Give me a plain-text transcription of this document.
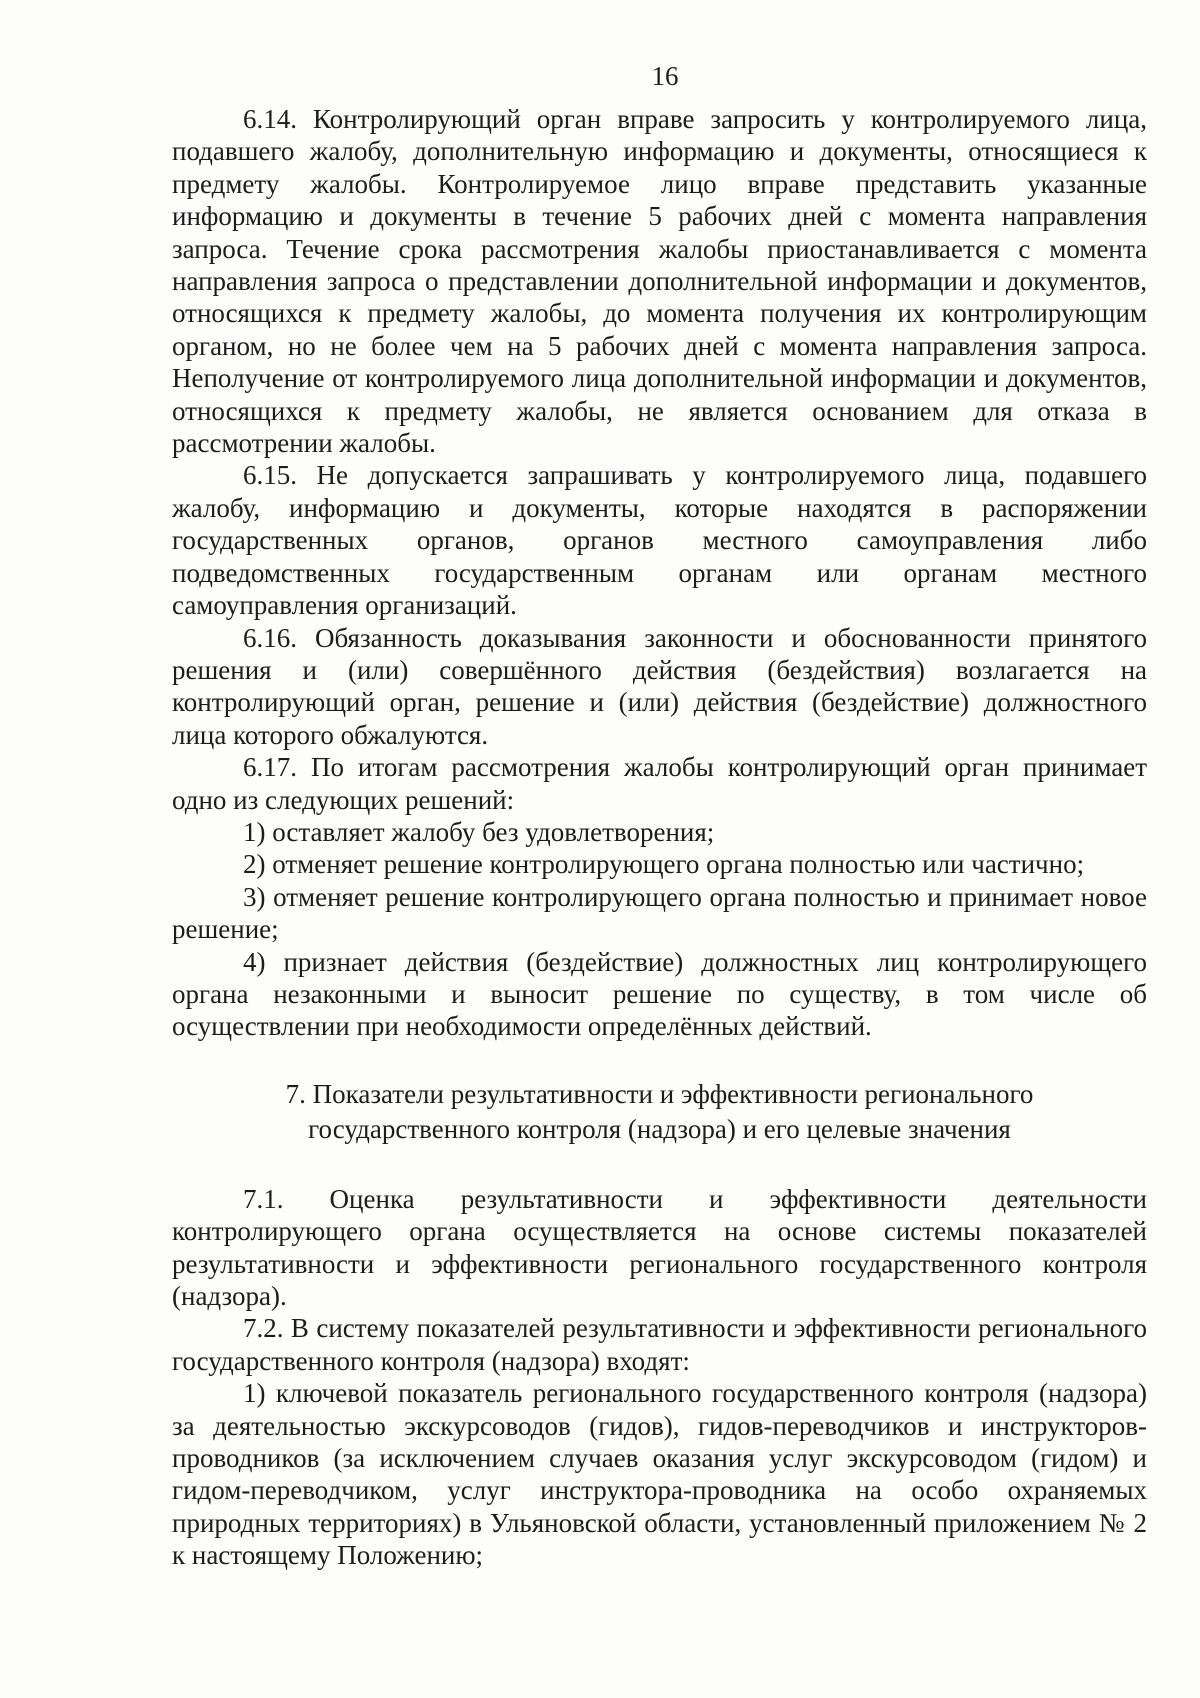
16

6.14. Контролирующий орган вправе запросить у контролируемого лица, подавшего жалобу, дополнительную информацию и документы, относящиеся к предмету жалобы. Контролируемое лицо вправе представить указанные информацию и документы в течение 5 рабочих дней с момента направления запроса. Течение срока рассмотрения жалобы приостанавливается с момента направления запроса о представлении дополнительной информации и документов, относящихся к предмету жалобы, до момента получения их контролирующим органом, но не более чем на 5 рабочих дней с момента направления запроса. Неполучение от контролируемого лица дополнительной информации и документов, относящихся к предмету жалобы, не является основанием для отказа в рассмотрении жалобы.

6.15. Не допускается запрашивать у контролируемого лица, подавшего жалобу, информацию и документы, которые находятся в распоряжении государственных органов, органов местного самоуправления либо подведомственных государственным органам или органам местного самоуправления организаций.

6.16. Обязанность доказывания законности и обоснованности принятого решения и (или) совершённого действия (бездействия) возлагается на контролирующий орган, решение и (или) действия (бездействие) должностного лица которого обжалуются.

6.17. По итогам рассмотрения жалобы контролирующий орган принимает одно из следующих решений:

1) оставляет жалобу без удовлетворения;

2) отменяет решение контролирующего органа полностью или частично;

3) отменяет решение контролирующего органа полностью и принимает новое решение;

4) признает действия (бездействие) должностных лиц контролирующего органа незаконными и выносит решение по существу, в том числе об осуществлении при необходимости определённых действий.

7. Показатели результативности и эффективности регионального
государственного контроля (надзора) и его целевые значения

7.1. Оценка результативности и эффективности деятельности контролирующего органа осуществляется на основе системы показателей результативности и эффективности регионального государственного контроля (надзора).

7.2. В систему показателей результативности и эффективности регионального государственного контроля (надзора) входят:

1) ключевой показатель регионального государственного контроля (надзора) за деятельностью экскурсоводов (гидов), гидов-переводчиков и инструкторов-проводников (за исключением случаев оказания услуг экскурсоводом (гидом) и гидом-переводчиком, услуг инструктора-проводника на особо охраняемых природных территориях) в Ульяновской области, установленный приложением № 2 к настоящему Положению;
